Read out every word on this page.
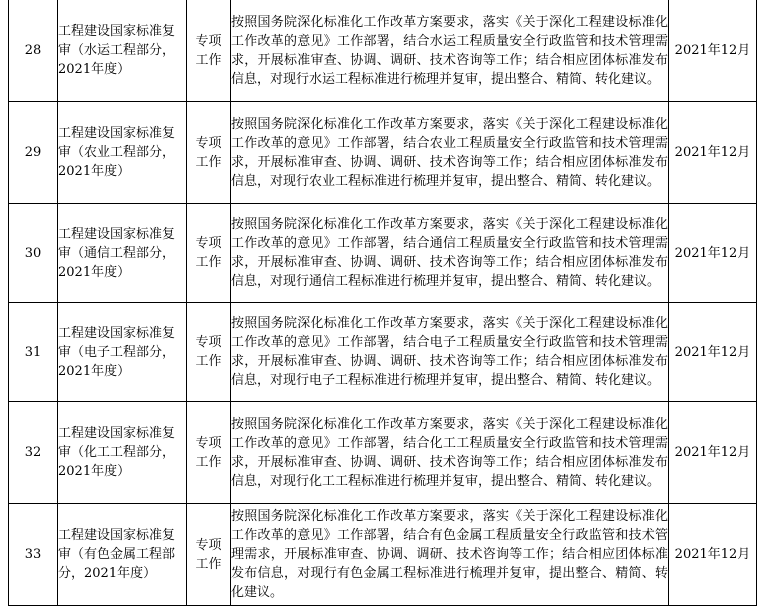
28	工程建设国家标准复审（水运工程部分，2021年度）	专项工作	按照国务院深化标准化工作改革方案要求，落实《关于深化工程建设标准化工作改革的意见》工作部署，结合水运工程质量安全行政监管和技术管理需求，开展标准审查、协调、调研、技术咨询等工作；结合相应团体标准发布信息，对现行水运工程标准进行梳理并复审，提出整合、精简、转化建议。	2021年12月
29	工程建设国家标准复审（农业工程部分，2021年度）	专项工作	按照国务院深化标准化工作改革方案要求，落实《关于深化工程建设标准化工作改革的意见》工作部署，结合农业工程质量安全行政监管和技术管理需求，开展标准审查、协调、调研、技术咨询等工作；结合相应团体标准发布信息，对现行农业工程标准进行梳理并复审，提出整合、精简、转化建议。	2021年12月
30	工程建设国家标准复审（通信工程部分，2021年度）	专项工作	按照国务院深化标准化工作改革方案要求，落实《关于深化工程建设标准化工作改革的意见》工作部署，结合通信工程质量安全行政监管和技术管理需求，开展标准审查、协调、调研、技术咨询等工作；结合相应团体标准发布信息，对现行通信工程标准进行梳理并复审，提出整合、精简、转化建议。	2021年12月
31	工程建设国家标准复审（电子工程部分，2021年度）	专项工作	按照国务院深化标准化工作改革方案要求，落实《关于深化工程建设标准化工作改革的意见》工作部署，结合电子工程质量安全行政监管和技术管理需求，开展标准审查、协调、调研、技术咨询等工作；结合相应团体标准发布信息，对现行电子工程标准进行梳理并复审，提出整合、精简、转化建议。	2021年12月
32	工程建设国家标准复审（化工工程部分，2021年度）	专项工作	按照国务院深化标准化工作改革方案要求，落实《关于深化工程建设标准化工作改革的意见》工作部署，结合化工工程质量安全行政监管和技术管理需求，开展标准审查、协调、调研、技术咨询等工作；结合相应团体标准发布信息，对现行化工工程标准进行梳理并复审，提出整合、精简、转化建议。	2021年12月
33	工程建设国家标准复审（有色金属工程部分，2021年度）	专项工作	按照国务院深化标准化工作改革方案要求，落实《关于深化工程建设标准化工作改革的意见》工作部署，结合有色金属工程质量安全行政监管和技术管理需求，开展标准审查、协调、调研、技术咨询等工作；结合相应团体标准发布信息，对现行有色金属工程标准进行梳理并复审，提出整合、精简、转化建议。	2021年12月
